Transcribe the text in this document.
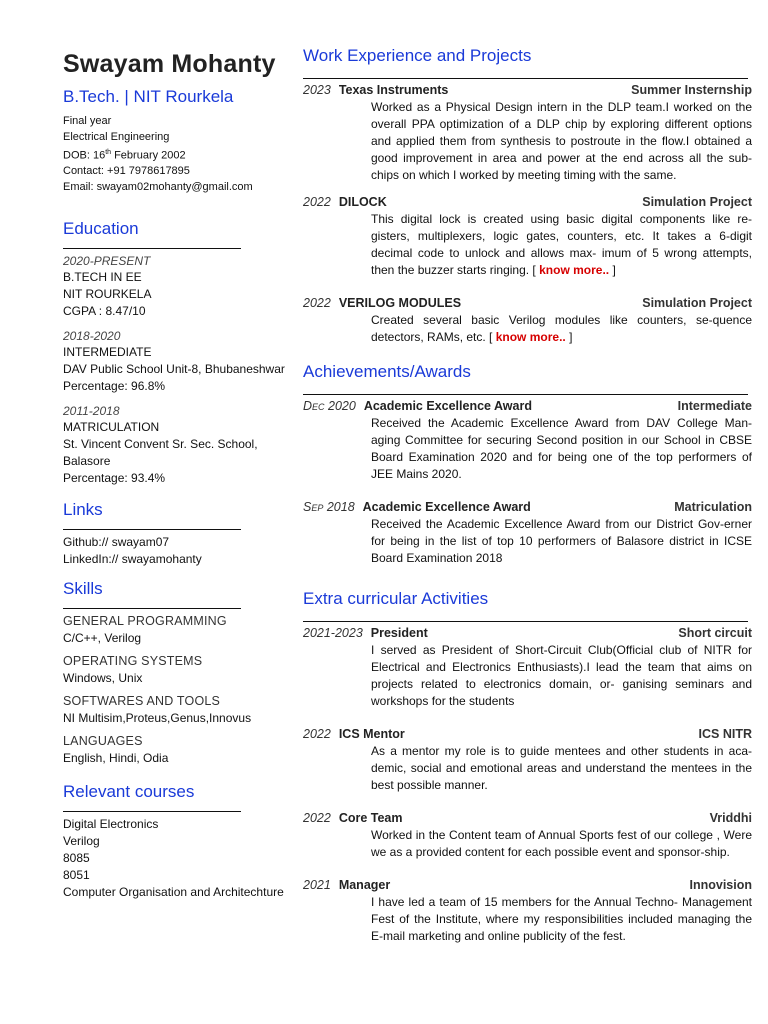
Swayam Mohanty
B.Tech. | NIT Rourkela
Final year
Electrical Engineering
DOB: 16th February 2002
Contact: +91 7978617895
Email: swayam02mohanty@gmail.com
Education
2020-PRESENT
B.TECH IN EE
NIT ROURKELA
CGPA : 8.47/10
2018-2020
INTERMEDIATE
DAV Public School Unit-8, Bhubaneshwar
Percentage: 96.8%
2011-2018
MATRICULATION
St. Vincent Convent Sr. Sec. School,
Balasore
Percentage: 93.4%
Links
Github:// swayam07
LinkedIn:// swayamohanty
Skills
GENERAL PROGRAMMING
C/C++, Verilog
OPERATING SYSTEMS
Windows, Unix
SOFTWARES AND TOOLS
NI Multisim,Proteus,Genus,Innovus
LANGUAGES
English, Hindi, Odia
Relevant courses
Digital Electronics
Verilog
8085
8051
Computer Organisation and Architechture
Work Experience and Projects
2023 Texas Instruments	Summer Insternship
Worked as a Physical Design intern in the DLP team.I worked on the overall PPA optimization of a DLP chip by exploring different options and applied them from synthesis to postroute in the flow.I obtained a good improvement in area and power at the end across all the sub-chips on which I worked by meeting timing with the same.
2022 DILOCK	Simulation Project
This digital lock is created using basic digital components like re-gisters, multiplexers, logic gates, counters, etc. It takes a 6-digit decimal code to unlock and allows max- imum of 5 wrong attempts, then the buzzer starts ringing. [ know more.. ]
2022 VERILOG MODULES	Simulation Project
Created several basic Verilog modules like counters, se-quence detectors, RAMs, etc. [ know more.. ]
Achievements/Awards
Dec 2020 Academic Excellence Award	Intermediate
Received the Academic Excellence Award from DAV College Man-aging Committee for securing Second position in our School in CBSE Board Examination 2020 and for being one of the top performers of JEE Mains 2020.
Sep 2018 Academic Excellence Award	Matriculation
Received the Academic Excellence Award from our District Gov-erner for being in the list of top 10 performers of Balasore district in ICSE Board Examination 2018
Extra curricular Activities
2021-2023 President	Short circuit
I served as President of Short-Circuit Club(Official club of NITR for Electrical and Electronics Enthusiasts).I lead the team that aims on projects related to electronics domain, or- ganising seminars and workshops for the students
2022 ICS Mentor	ICS NITR
As a mentor my role is to guide mentees and other students in aca-demic, social and emotional areas and understand the mentees in the best possible manner.
2022 Core Team	Vriddhi
Worked in the Content team of Annual Sports fest of our college , Were we as a provided content for each possible event and sponsor-ship.
2021 Manager	Innovision
I have led a team of 15 members for the Annual Techno- Management Fest of the Institute, where my responsibilities included managing the E-mail marketing and online publicity of the fest.
